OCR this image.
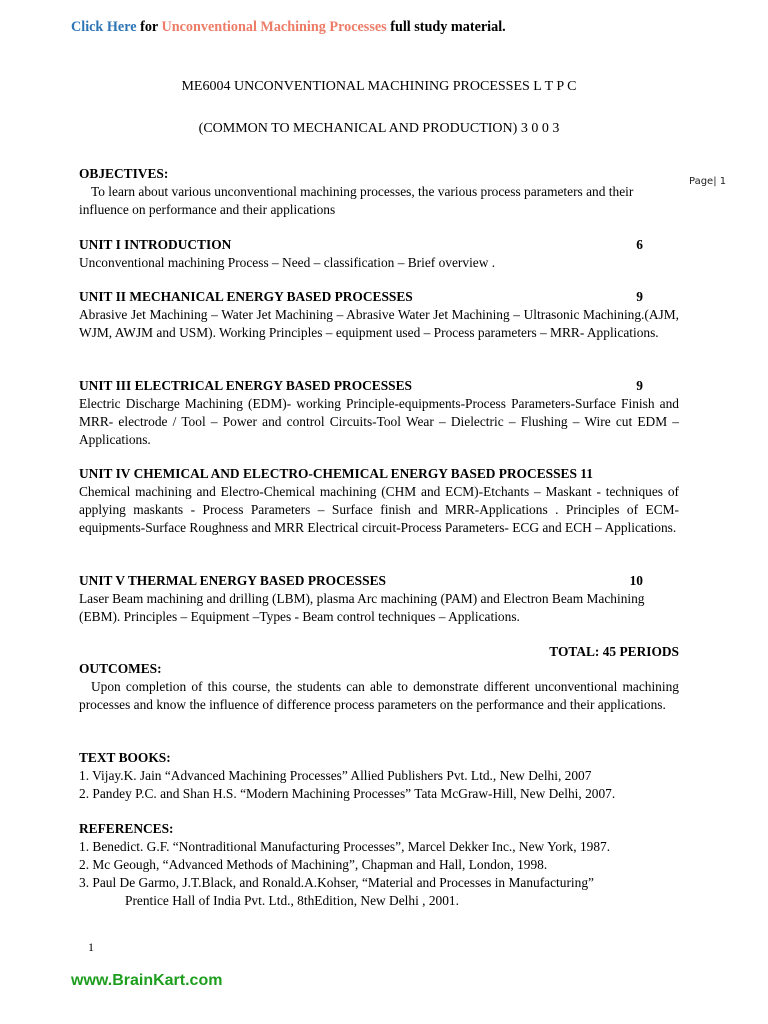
Click Here for Unconventional Machining Processes full study material.
ME6004 UNCONVENTIONAL MACHINING PROCESSES L T P C
(COMMON TO MECHANICAL AND PRODUCTION) 3 0 0 3
Page| 1
OBJECTIVES:
To learn about various unconventional machining processes, the various process parameters and their influence on performance and their applications
UNIT I INTRODUCTION	6
Unconventional machining Process – Need – classification – Brief overview .
UNIT II MECHANICAL ENERGY BASED PROCESSES	9
Abrasive Jet Machining – Water Jet Machining – Abrasive Water Jet Machining – Ultrasonic Machining.(AJM, WJM, AWJM and USM). Working Principles – equipment used – Process parameters – MRR- Applications.
UNIT III ELECTRICAL ENERGY BASED PROCESSES	9
Electric Discharge Machining (EDM)- working Principle-equipments-Process Parameters-Surface Finish and MRR- electrode / Tool – Power and control Circuits-Tool Wear – Dielectric – Flushing – Wire cut EDM – Applications.
UNIT IV CHEMICAL AND ELECTRO-CHEMICAL ENERGY BASED PROCESSES 11
Chemical machining and Electro-Chemical machining (CHM and ECM)-Etchants – Maskant - techniques of applying maskants - Process Parameters – Surface finish and MRR-Applications . Principles of ECM- equipments-Surface Roughness and MRR Electrical circuit-Process Parameters- ECG and ECH – Applications.
UNIT V THERMAL ENERGY BASED PROCESSES	10
Laser Beam machining and drilling (LBM), plasma Arc machining (PAM) and Electron Beam Machining (EBM). Principles – Equipment –Types - Beam control techniques – Applications.
TOTAL: 45 PERIODS
OUTCOMES:
Upon completion of this course, the students can able to demonstrate different unconventional machining processes and know the influence of difference process parameters on the performance and their applications.
TEXT BOOKS:
1. Vijay.K. Jain “Advanced Machining Processes” Allied Publishers Pvt. Ltd., New Delhi, 2007
2. Pandey P.C. and Shan H.S. “Modern Machining Processes” Tata McGraw-Hill, New Delhi, 2007.
REFERENCES:
1. Benedict. G.F. “Nontraditional Manufacturing Processes”, Marcel Dekker Inc., New York, 1987.
2. Mc Geough, “Advanced Methods of Machining”, Chapman and Hall, London, 1998.
3. Paul De Garmo, J.T.Black, and Ronald.A.Kohser, “Material and Processes in Manufacturing”
Prentice Hall of India Pvt. Ltd., 8thEdition, New Delhi , 2001.
1
www.BrainKart.com
